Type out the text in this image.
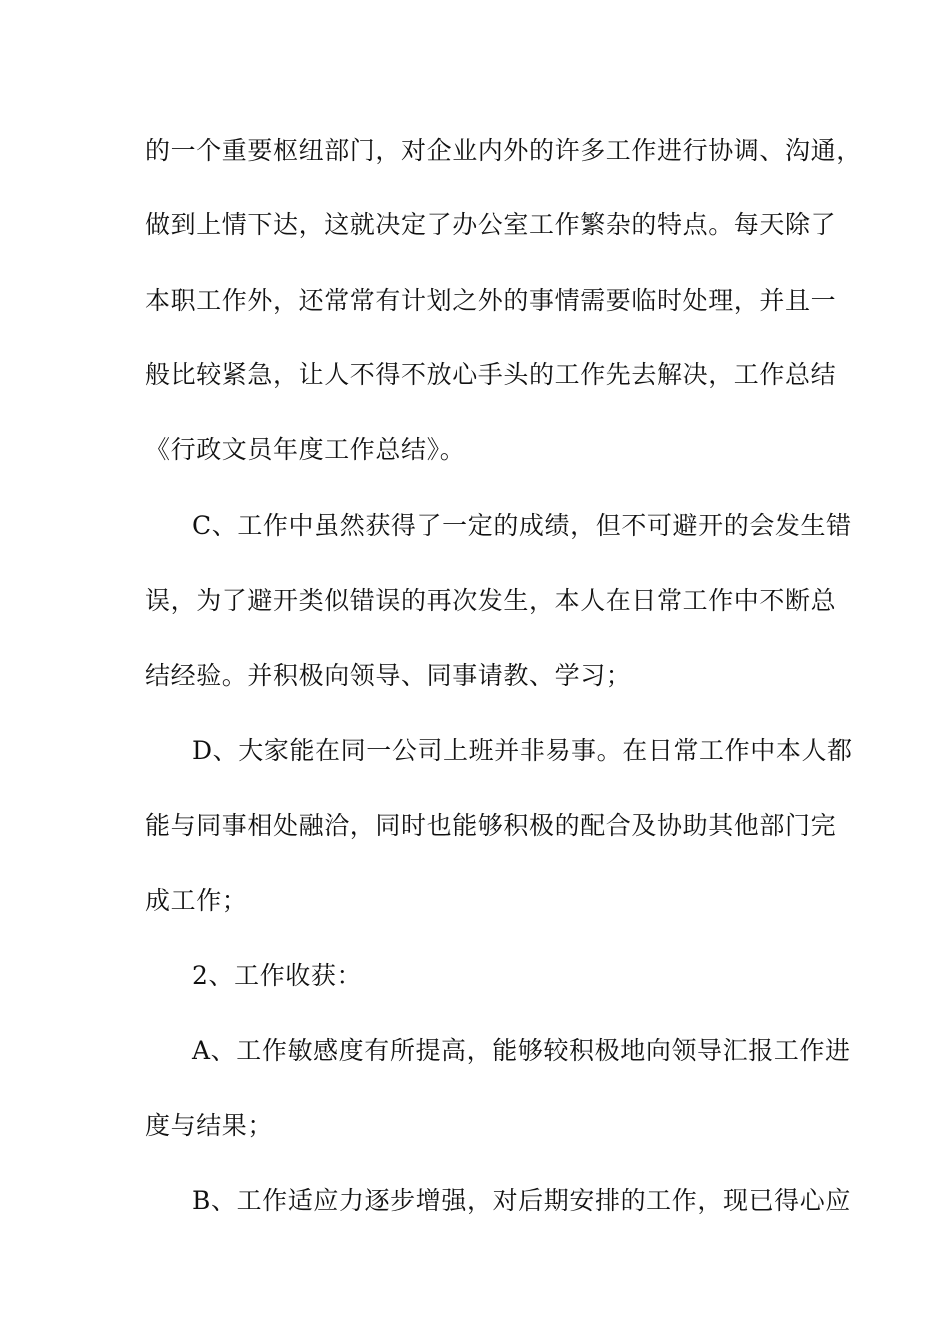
的一个重要枢纽部门，对企业内外的许多工作进行协调、沟通，
做到上情下达，这就决定了办公室工作繁杂的特点。每天除了
本职工作外，还常常有计划之外的事情需要临时处理，并且一
般比较紧急，让人不得不放心手头的工作先去解决，工作总结
《行政文员年度工作总结》。
C、工作中虽然获得了一定的成绩，但不可避开的会发生错
误，为了避开类似错误的再次发生，本人在日常工作中不断总
结经验。并积极向领导、同事请教、学习；
D、大家能在同一公司上班并非易事。在日常工作中本人都
能与同事相处融洽，同时也能够积极的配合及协助其他部门完
成工作；
2、工作收获：
A、工作敏感度有所提高，能够较积极地向领导汇报工作进
度与结果；
B、工作适应力逐步增强，对后期安排的工作，现已得心应
